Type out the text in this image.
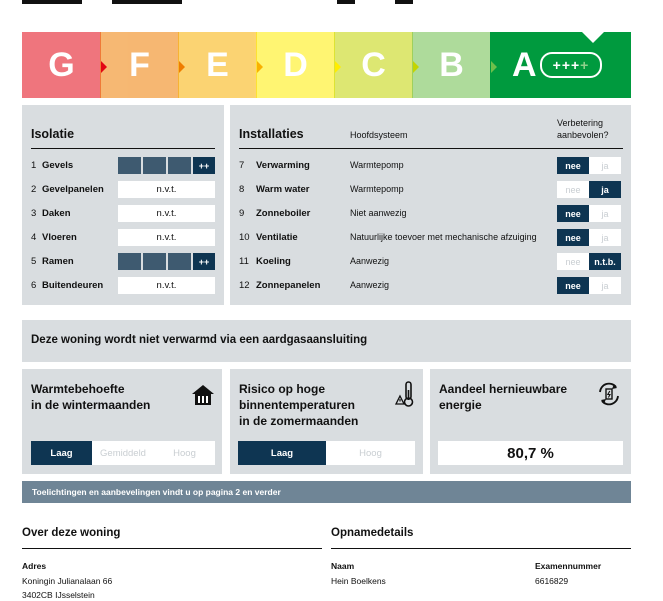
G F E D C B A +++ +
Isolatie
1 Gevels	++
2 Gevelpanelen	n.v.t.
3 Daken	n.v.t.
4 Vloeren	n.v.t.
5 Ramen	++
6 Buitendeuren	n.v.t.
Installaties	Hoofdsysteem
Verbetering aanbevolen?
7 Verwarming	Warmtepomp	nee	ja
8 Warm water	Warmtepomp	nee	ja
9 Zonneboiler	Niet aanwezig	nee	ja
10 Ventilatie	Natuurlijke toevoer met mechanische afzuiging	nee	ja
11 Koeling	Aanwezig	nee	n.t.b.
12 Zonnepanelen	Aanwezig	nee	ja
Deze woning wordt niet verwarmd via een aardgasaansluiting
Warmtebehoefte
in de wintermaanden
Laag	Gemiddeld	Hoog
Risico op hoge
binnentemperaturen
in de zomermaanden
Laag	Hoog
Aandeel hernieuwbare
energie
80,7 %
Toelichtingen en aanbevelingen vindt u op pagina 2 en verder
Over deze woning
Adres
Koningin Julianalaan 66
3402CB IJsselstein
Opnamedetails
Naam
Hein Boelkens
Examennummer
6616829
